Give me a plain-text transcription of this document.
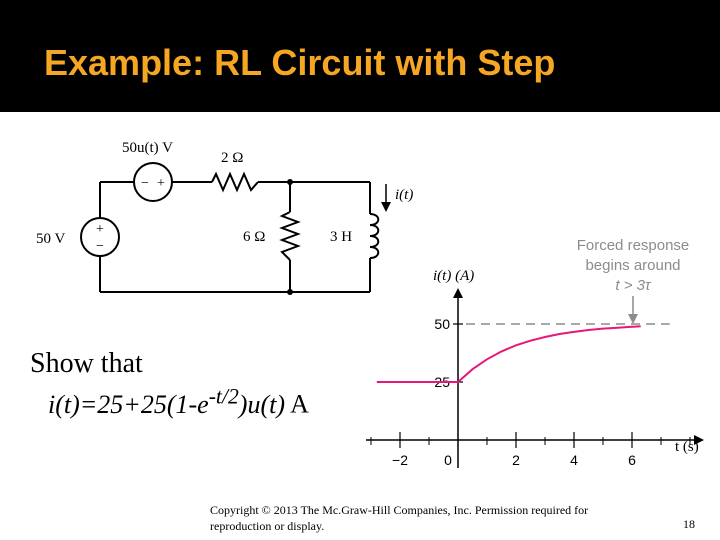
Example: RL Circuit with Step
50u(t) V
2 Ω
50 V	6 Ω	3 H
i(t)
− +
+
−
−2	0	2	4	6
25
50
i(t) (A)
t (s)
Forced response
begins around
t > 3τ
Show that
$i(t)=25+25(1-e^{-t/2})u(t)$ A
Copyright © 2013 The Mc.Graw-Hill Companies, Inc. Permission required for reproduction or display.	18
